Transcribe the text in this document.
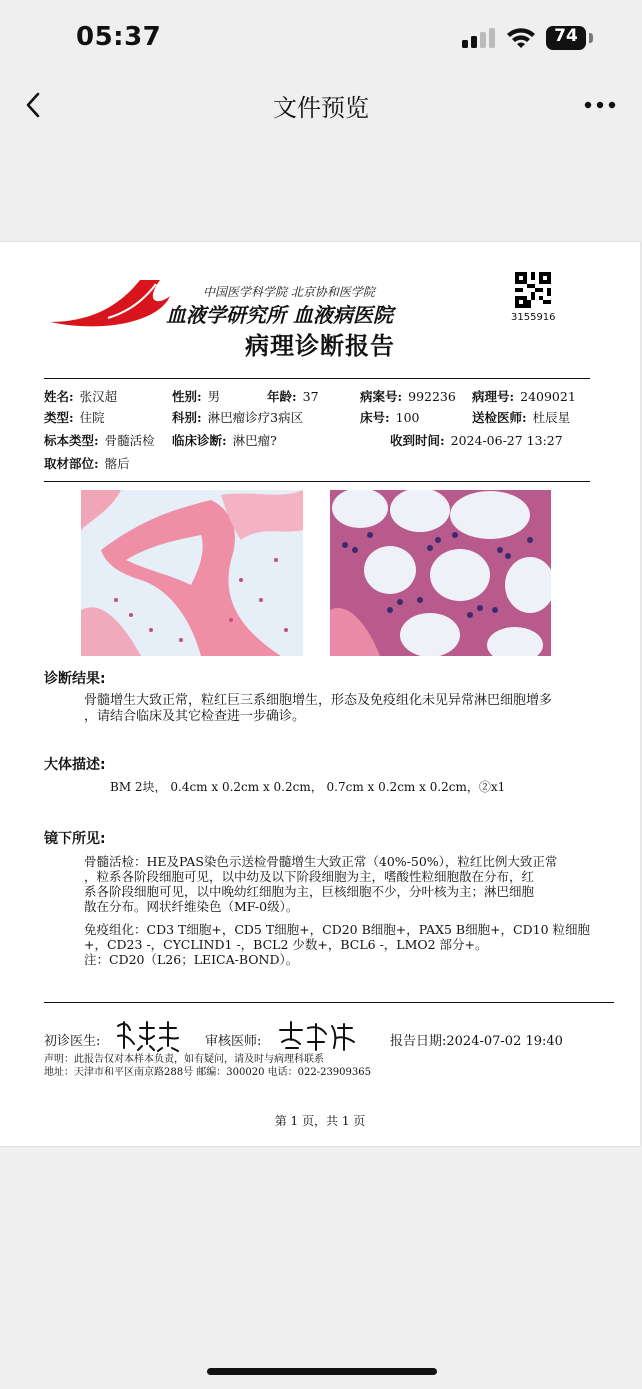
05:37	74
文件预览
中国医学科学院 北京协和医学院
血液学研究所 血液病医院	3155916
病理诊断报告
姓名: 张汉超	性别: 男	年龄: 37	病案号: 992236 病理号: 2409021
类型: 住院	科别: 淋巴瘤诊疗3病区	床号: 100	送检医师: 杜辰星
标本类型: 骨髓活检 临床诊断: 淋巴瘤?	收到时间: 2024-06-27 13:27
取材部位: 髂后
诊断结果:
骨髓增生大致正常，粒红巨三系细胞增生，形态及免疫组化未见异常淋巴细胞增多
，请结合临床及其它检查进一步确诊。
大体描述:
BM 2块， 0.4cm x 0.2cm x 0.2cm， 0.7cm x 0.2cm x 0.2cm，②x1
镜下所见:
骨髓活检：HE及PAS染色示送检骨髓增生大致正常（40%-50%），粒红比例大致正常
，粒系各阶段细胞可见，以中幼及以下阶段细胞为主，嗜酸性粒细胞散在分布，红
系各阶段细胞可见，以中晚幼红细胞为主，巨核细胞不少，分叶核为主；淋巴细胞
散在分布。网状纤维染色（MF-0级）。
免疫组化：CD3 T细胞+，CD5 T细胞+，CD20 B细胞+，PAX5 B细胞+，CD10 粒细胞
+，CD23 -，CYCLIND1 -，BCL2 少数+，BCL6 -，LMO2 部分+。
注：CD20（L26；LEICA-BOND）。
初诊医生:	审核医师:	报告日期:2024-07-02 19:40
声明：此报告仅对本样本负责，如有疑问，请及时与病理科联系
地址：天津市和平区南京路288号 邮编：300020 电话：022-23909365
第 1 页，共 1 页
